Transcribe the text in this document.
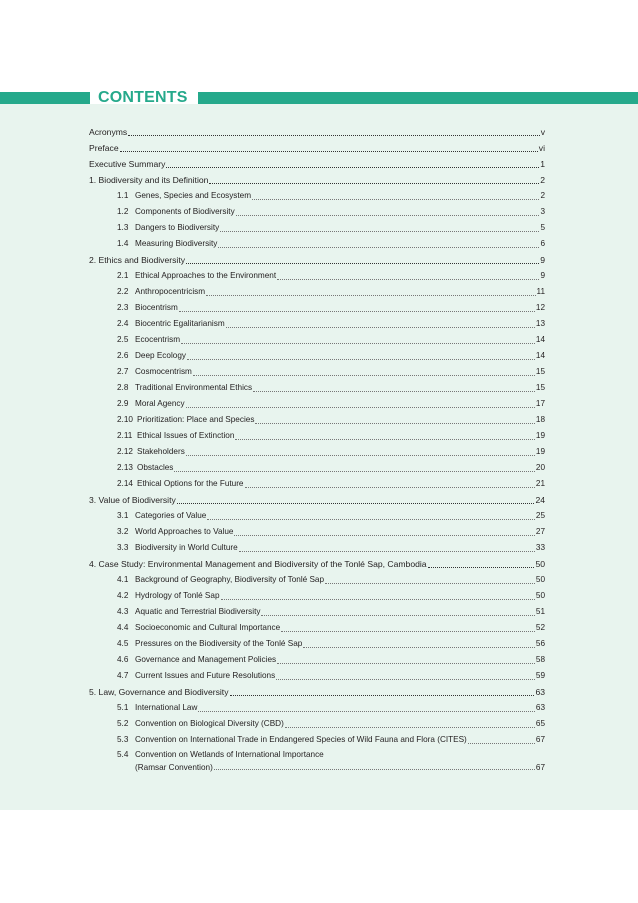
CONTENTS
Acronyms	v
Preface	vi
Executive Summary	1
1. Biodiversity and its Definition	2
1.1 Genes, Species and Ecosystem	2
1.2 Components of Biodiversity	3
1.3 Dangers to Biodiversity	5
1.4 Measuring Biodiversity	6
2. Ethics and Biodiversity	9
2.1 Ethical Approaches to the Environment	9
2.2 Anthropocentricism	11
2.3 Biocentrism	12
2.4 Biocentric Egalitarianism	13
2.5 Ecocentrism	14
2.6 Deep Ecology	14
2.7 Cosmocentrism	15
2.8 Traditional Environmental Ethics	15
2.9 Moral Agency	17
2.10 Prioritization: Place and Species	18
2.11 Ethical Issues of Extinction	19
2.12 Stakeholders	19
2.13 Obstacles	20
2.14 Ethical Options for the Future	21
3. Value of Biodiversity	24
3.1 Categories of Value	25
3.2 World Approaches to Value	27
3.3 Biodiversity in World Culture	33
4. Case Study: Environmental Management and Biodiversity of the Tonlé Sap, Cambodia	50
4.1 Background of Geography, Biodiversity of Tonlé Sap	50
4.2 Hydrology of Tonlé Sap	50
4.3 Aquatic and Terrestrial Biodiversity	51
4.4 Socioeconomic and Cultural Importance	52
4.5 Pressures on the Biodiversity of the Tonlé Sap	56
4.6 Governance and Management Policies	58
4.7 Current Issues and Future Resolutions	59
5. Law, Governance and Biodiversity	63
5.1 International Law	63
5.2 Convention on Biological Diversity (CBD)	65
5.3 Convention on International Trade in Endangered Species of Wild Fauna and Flora (CITES)	67
5.4 Convention on Wetlands of International Importance
(Ramsar Convention)	67
